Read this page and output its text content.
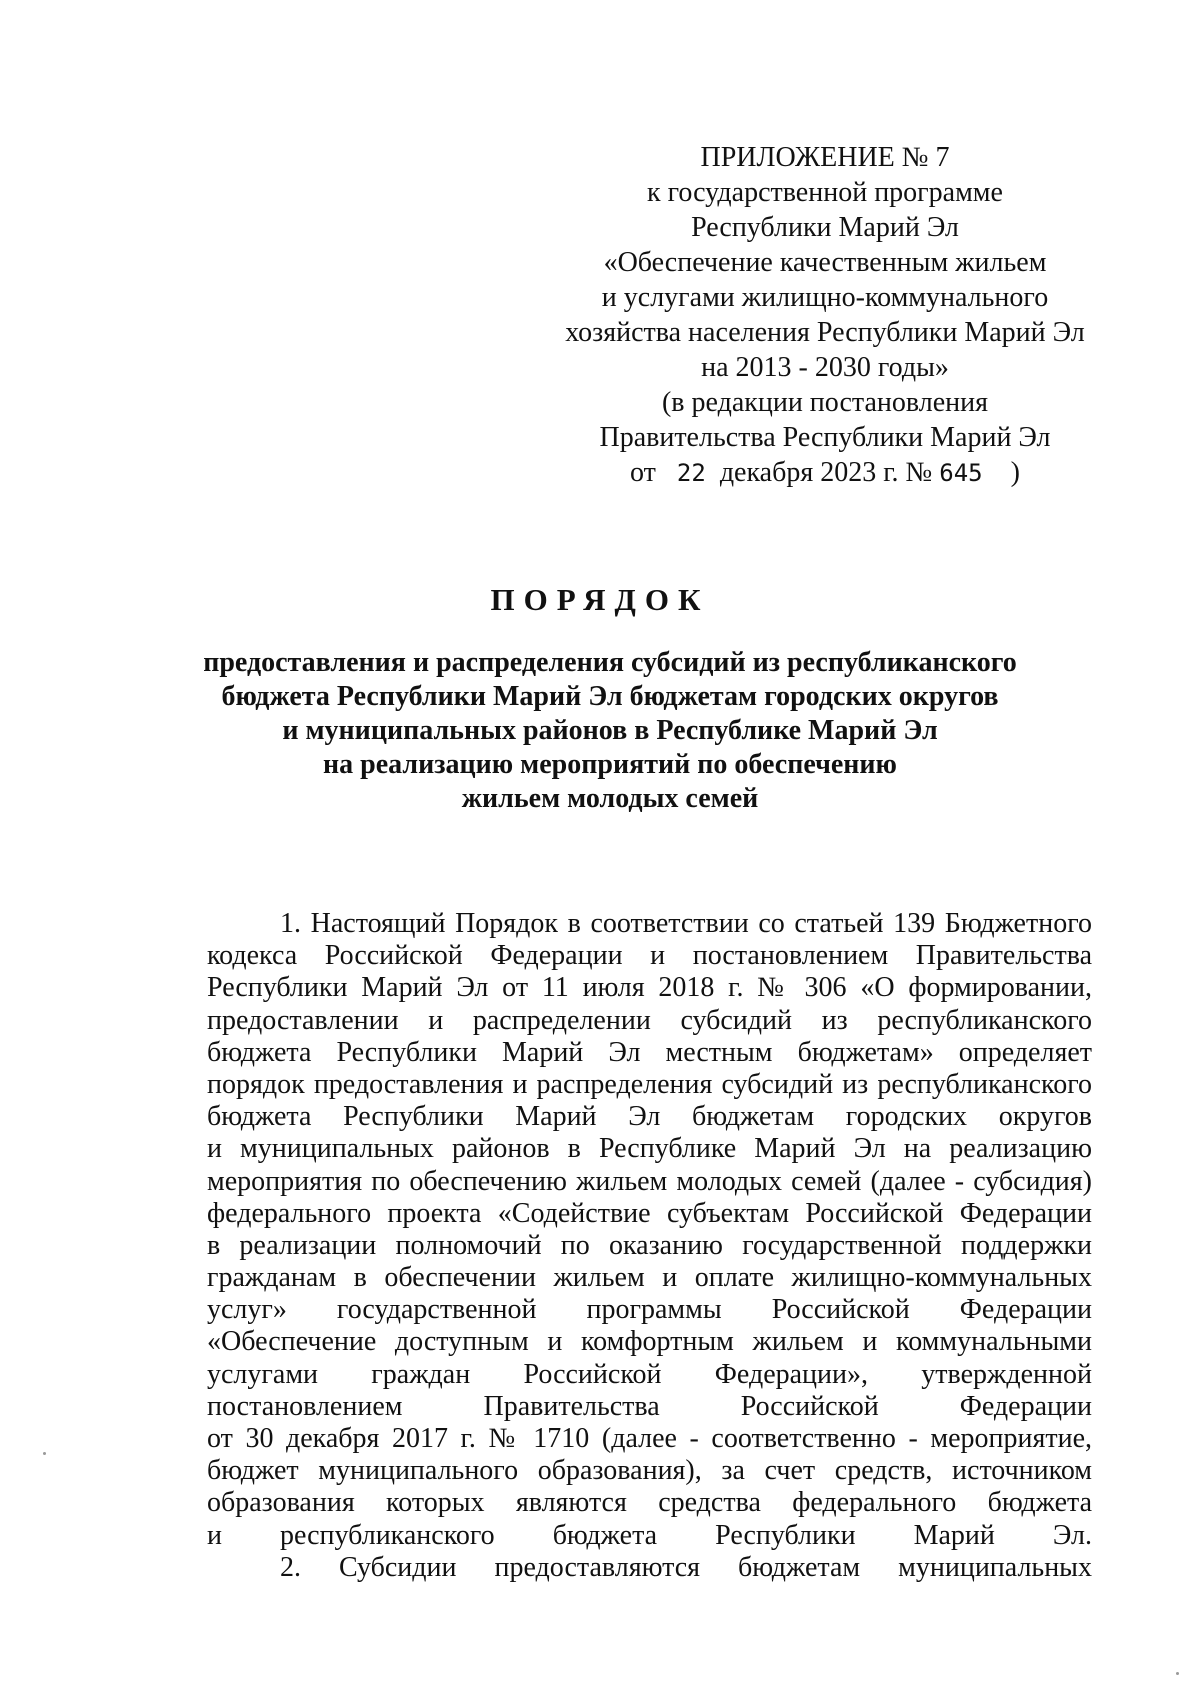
ПРИЛОЖЕНИЕ № 7
к государственной программе
Республики Марий Эл
«Обеспечение качественным жильем
и услугами жилищно-коммунального
хозяйства населения Республики Марий Эл
на 2013 - 2030 годы»
(в редакции постановления
Правительства Республики Марий Эл
от 22 декабря 2023 г. № 645 )
ПОРЯДОК
предоставления и распределения субсидий из республиканского
бюджета Республики Марий Эл бюджетам городских округов
и муниципальных районов в Республике Марий Эл
на реализацию мероприятий по обеспечению
жильем молодых семей
1. Настоящий Порядок в соответствии со статьей 139 Бюджетного
кодекса Российской Федерации и постановлением Правительства
Республики Марий Эл от 11 июля 2018 г. № 306 «О формировании,
предоставлении и распределении субсидий из республиканского
бюджета Республики Марий Эл местным бюджетам» определяет
порядок предоставления и распределения субсидий из республиканского
бюджета Республики Марий Эл бюджетам городских округов
и муниципальных районов в Республике Марий Эл на реализацию
мероприятия по обеспечению жильем молодых семей (далее - субсидия)
федерального проекта «Содействие субъектам Российской Федерации
в реализации полномочий по оказанию государственной поддержки
гражданам в обеспечении жильем и оплате жилищно-коммунальных
услуг» государственной программы Российской Федерации
«Обеспечение доступным и комфортным жильем и коммунальными
услугами граждан Российской Федерации», утвержденной
постановлением Правительства Российской Федерации
от 30 декабря 2017 г. № 1710 (далее - соответственно - мероприятие,
бюджет муниципального образования), за счет средств, источником
образования которых являются средства федерального бюджета
и республиканского бюджета Республики Марий Эл.
2. Субсидии предоставляются бюджетам муниципальных
